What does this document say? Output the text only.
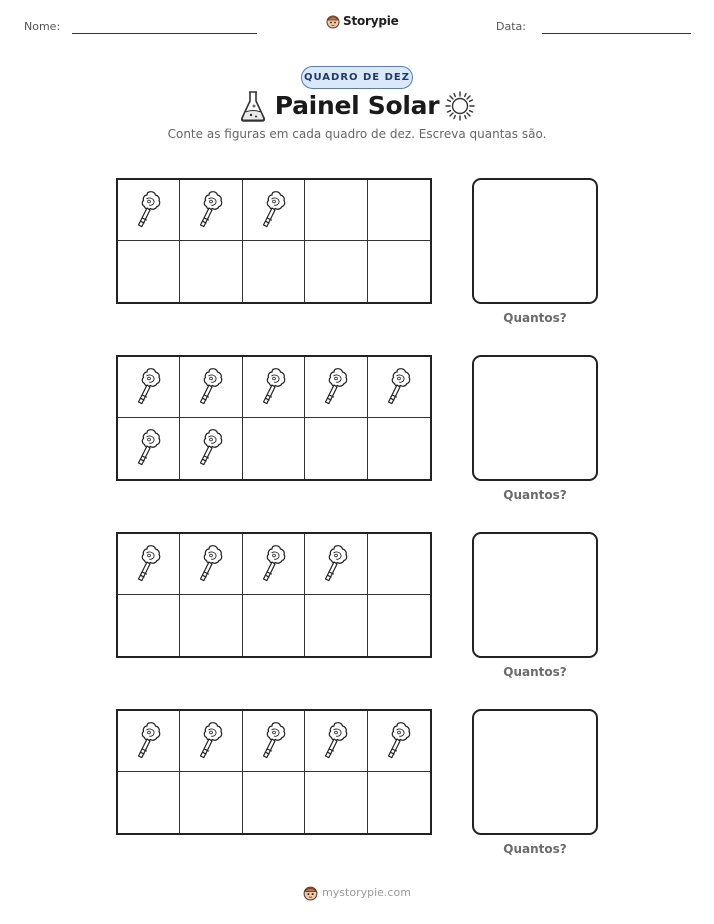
Nome:	Storypie	Data:
QUADRO DE DEZ
Painel Solar
Conte as figuras em cada quadro de dez. Escreva quantas são.
Quantos?
Quantos?
Quantos?
Quantos?
mystorypie.com
